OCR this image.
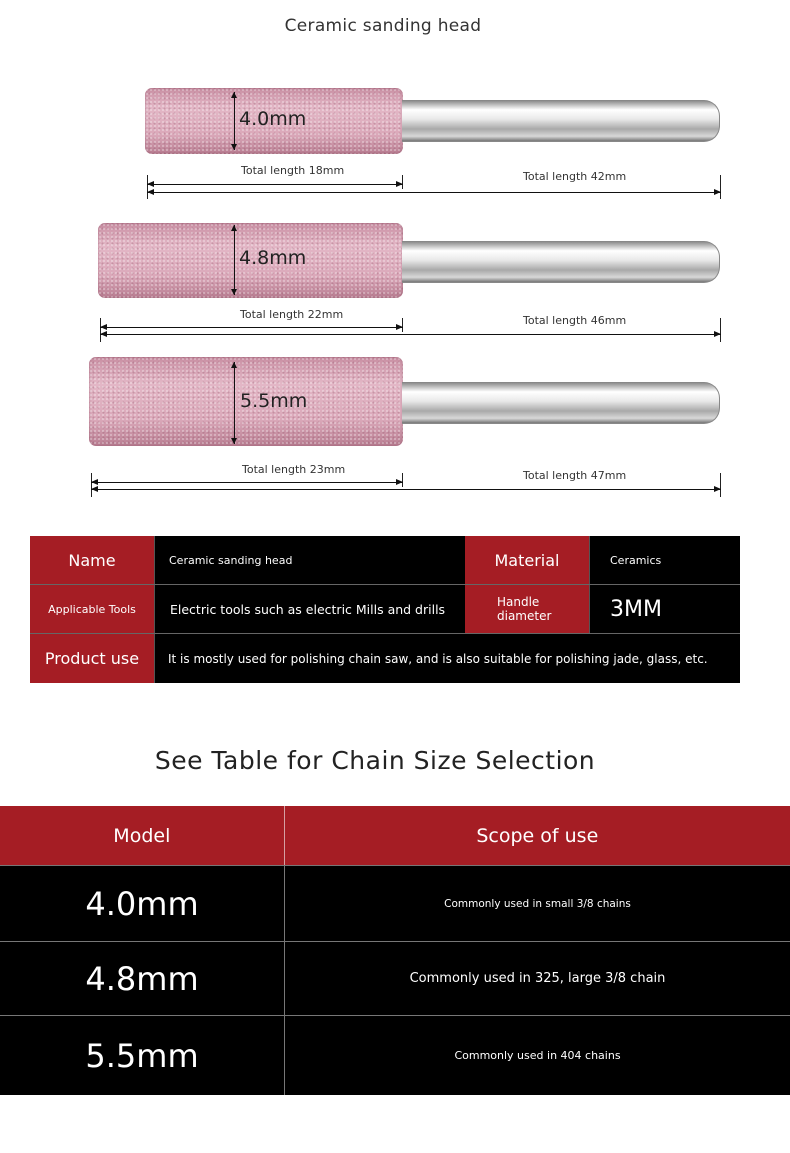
Ceramic sanding head
4.0mm
Total length 18mm	Total length 42mm
4.8mm
Total length 22mm	Total length 46mm
5.5mm
Total length 23mm	Total length 47mm
Name	Ceramic sanding head	Material	Ceramics
Applicable Tools	Electric tools such as electric Mills and drills	Handle diameter	3MM
Product use	It is mostly used for polishing chain saw, and is also suitable for polishing jade, glass, etc.
See Table for Chain Size Selection
Model	Scope of use
4.0mm	Commonly used in small 3/8 chains
4.8mm	Commonly used in 325, large 3/8 chain
5.5mm	Commonly used in 404 chains
